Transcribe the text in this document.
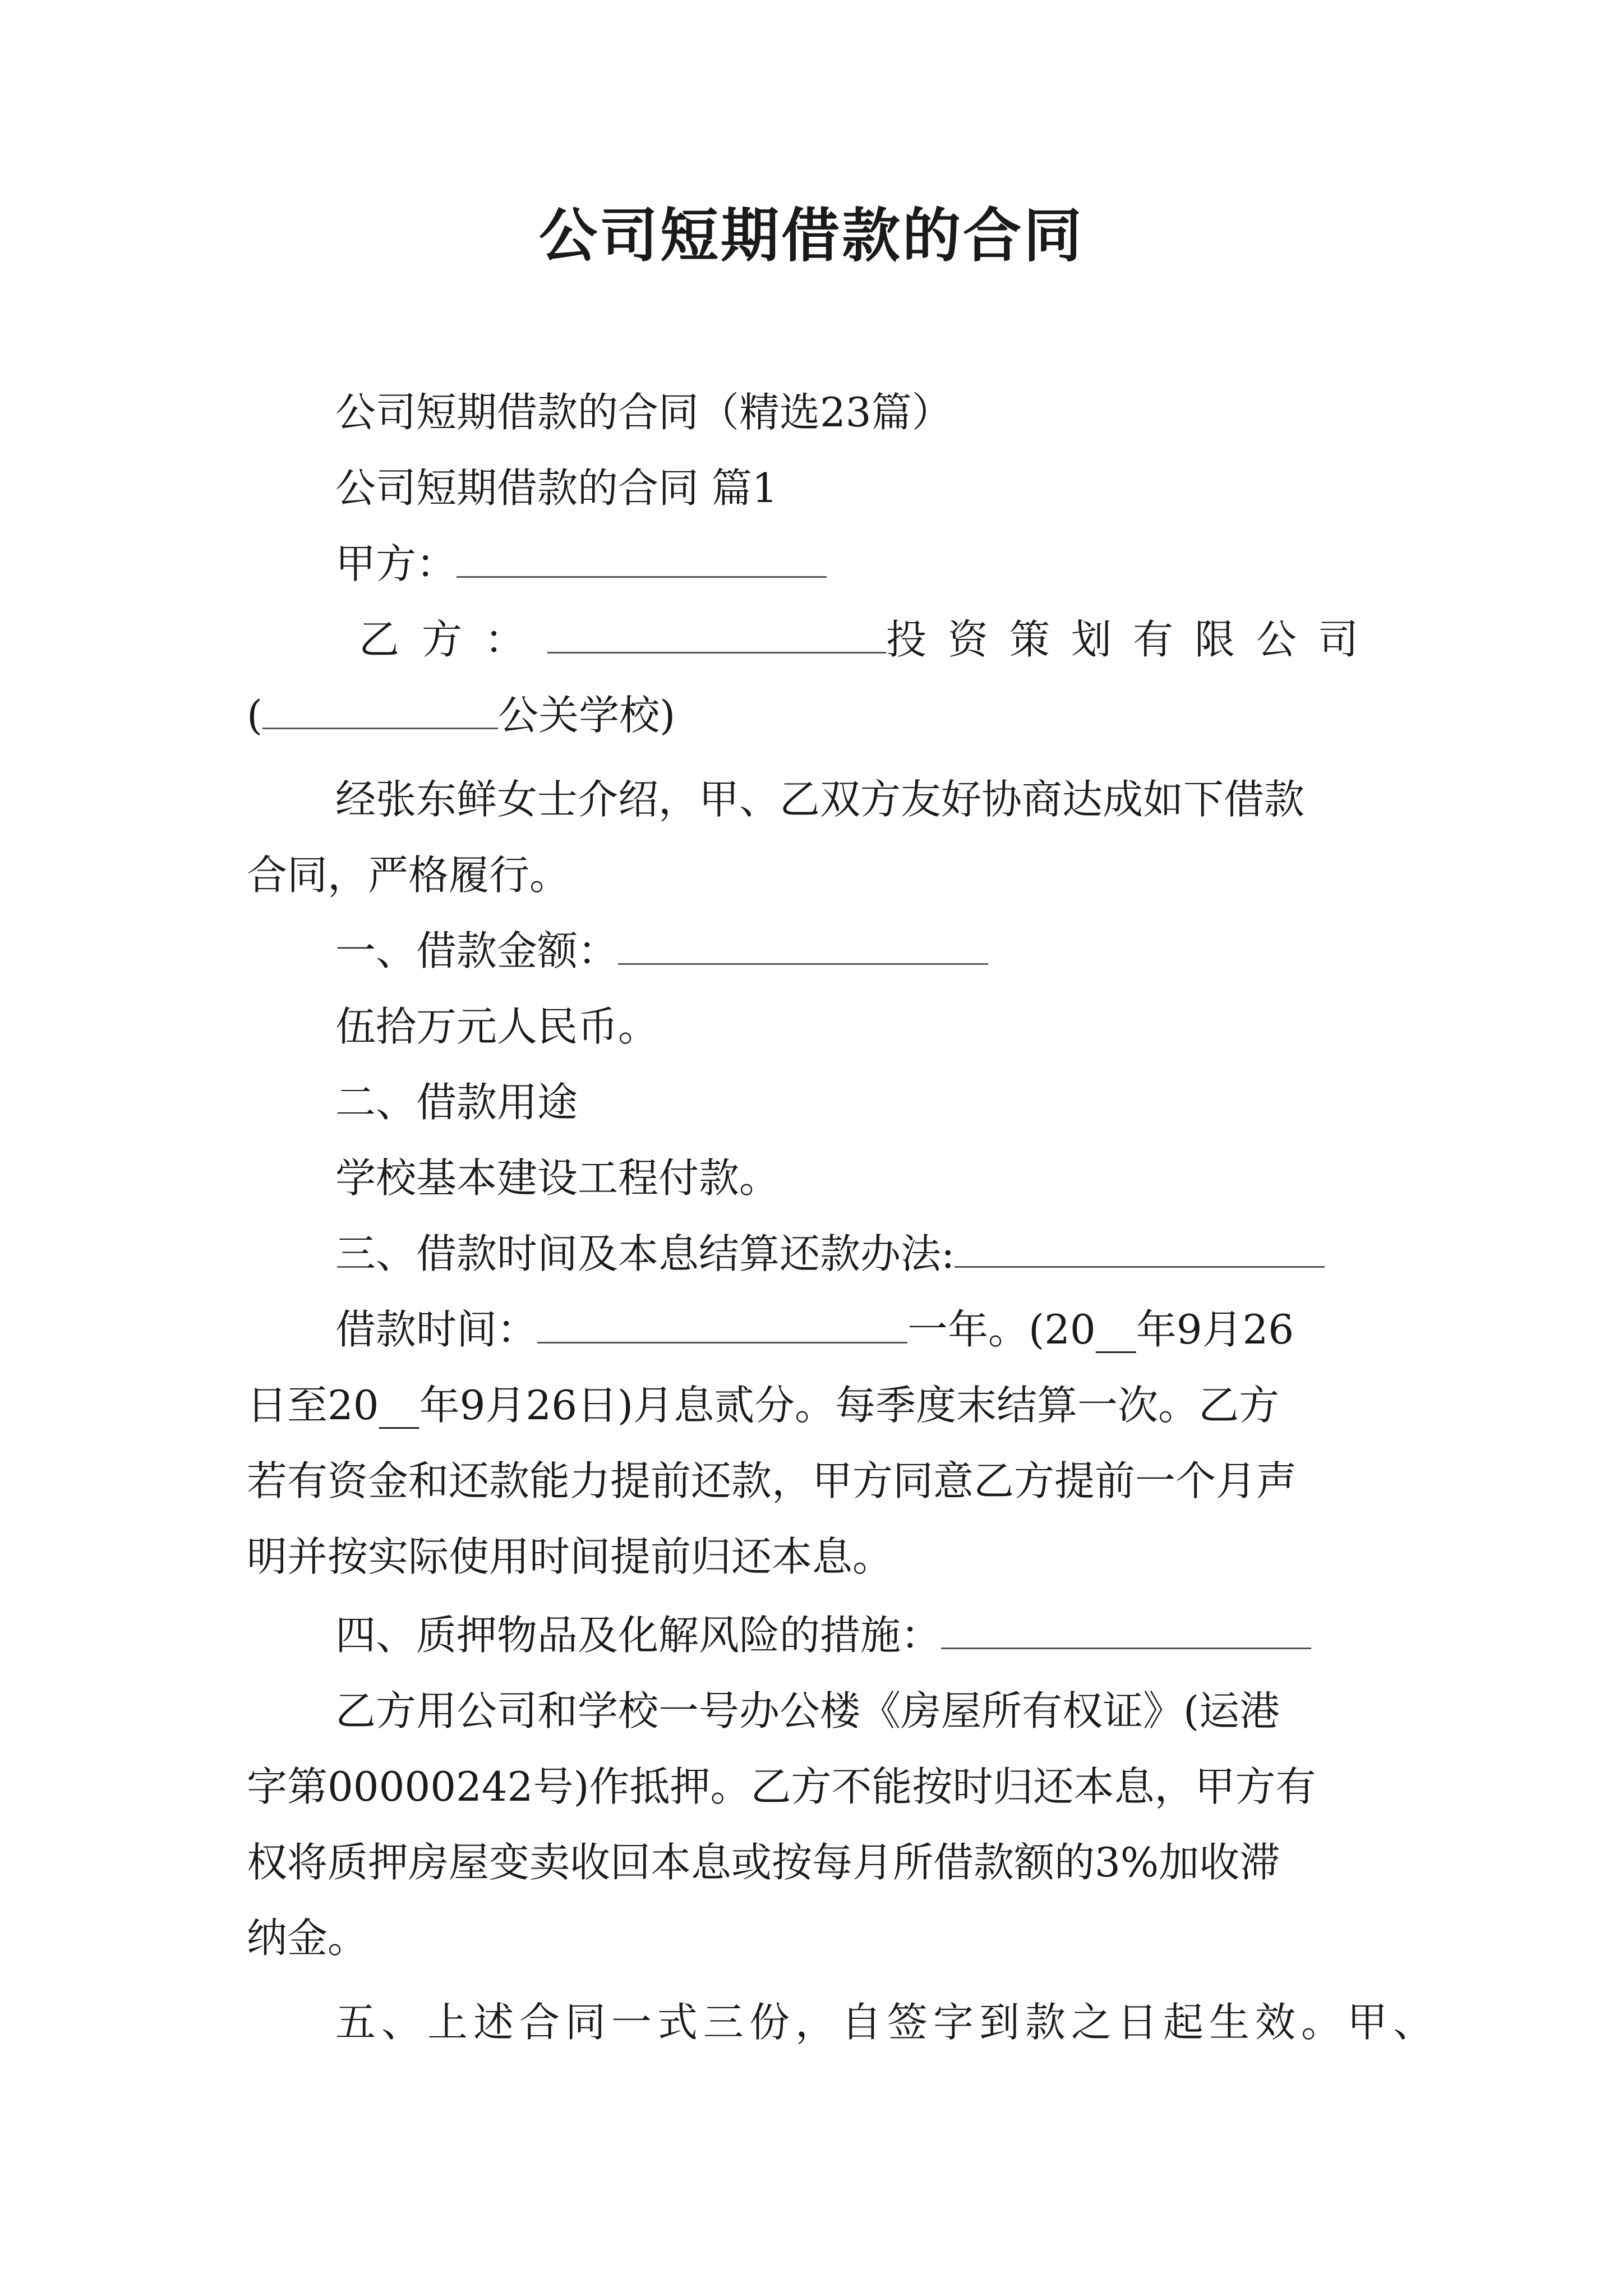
公司短期借款的合同
公司短期借款的合同（精选23篇）
公司短期借款的合同 篇1
甲方：
乙方：	投资策划有限公司
(	公关学校)
经张东鲜女士介绍，甲、乙双方友好协商达成如下借款
合同，严格履行。
一、借款金额：
伍拾万元人民币。
二、借款用途
学校基本建设工程付款。
三、借款时间及本息结算还款办法:
借款时间：	一年。(20__年9月26
日至20__年9月26日)月息贰分。每季度末结算一次。乙方
若有资金和还款能力提前还款，甲方同意乙方提前一个月声
明并按实际使用时间提前归还本息。
四、质押物品及化解风险的措施：
乙方用公司和学校一号办公楼《房屋所有权证》(运港
字第00000242号)作抵押。乙方不能按时归还本息，甲方有
权将质押房屋变卖收回本息或按每月所借款额的3%加收滞
纳金。
五、上述合同一式三份，自签字到款之日起生效。甲、
